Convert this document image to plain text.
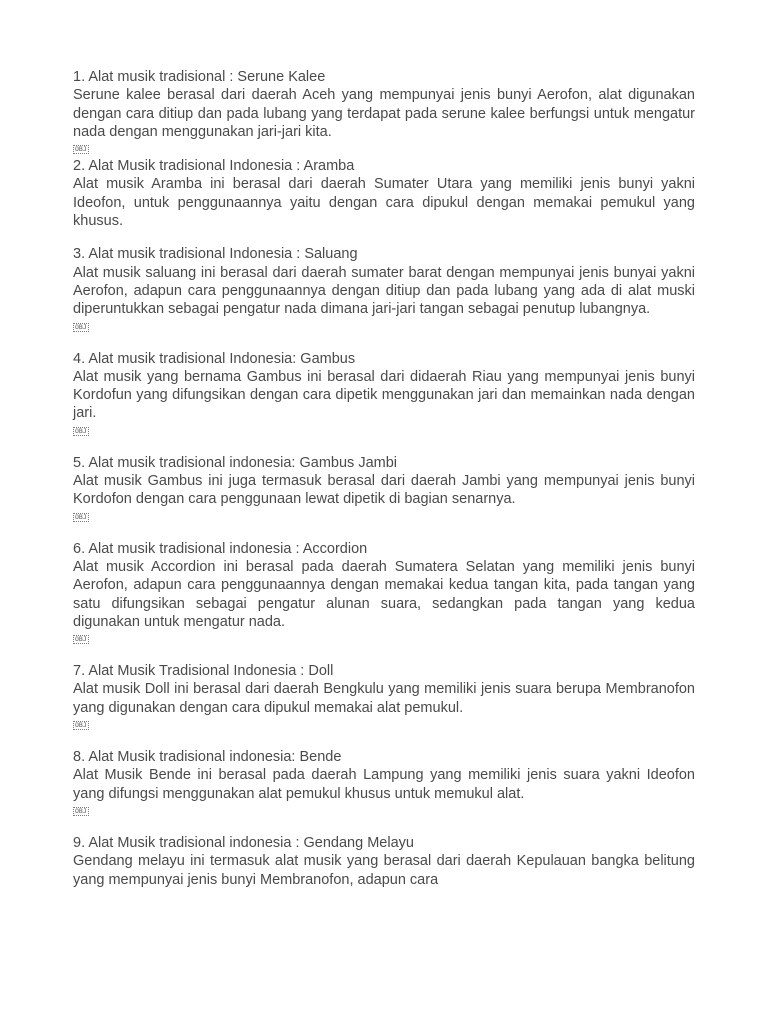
1. Alat musik tradisional : Serune Kalee
Serune kalee berasal dari daerah Aceh yang mempunyai jenis bunyi Aerofon, alat digunakan dengan cara ditiup dan pada lubang yang terdapat pada serune kalee berfungsi untuk mengatur nada dengan menggunakan jari-jari kita.
OBJ
2. Alat Musik tradisional Indonesia : Aramba
Alat musik Aramba ini berasal dari daerah Sumater Utara yang memiliki jenis bunyi yakni Ideofon, untuk penggunaannya yaitu dengan cara dipukul dengan memakai pemukul yang khusus.
3. Alat musik tradisional Indonesia : Saluang
Alat musik saluang ini berasal dari daerah sumater barat dengan mempunyai jenis bunyai yakni Aerofon, adapun cara penggunaannya dengan ditiup dan pada lubang yang ada di alat muski diperuntukkan sebagai pengatur nada dimana jari-jari tangan sebagai penutup lubangnya.
OBJ
4. Alat musik tradisional Indonesia: Gambus
Alat musik yang bernama Gambus ini berasal dari didaerah Riau yang mempunyai jenis bunyi Kordofun yang difungsikan dengan cara dipetik menggunakan jari dan memainkan nada dengan jari.
OBJ
5. Alat musik tradisional indonesia: Gambus Jambi
Alat musik Gambus ini juga termasuk berasal dari daerah Jambi yang mempunyai jenis bunyi Kordofon dengan cara penggunaan lewat dipetik di bagian senarnya.
OBJ
6. Alat musik tradisional indonesia : Accordion
Alat musik Accordion ini berasal pada daerah Sumatera Selatan yang memiliki jenis bunyi Aerofon, adapun cara penggunaannya dengan memakai kedua tangan kita, pada tangan yang satu difungsikan sebagai pengatur alunan suara, sedangkan pada tangan yang kedua digunakan untuk mengatur nada.
OBJ
7. Alat Musik Tradisional Indonesia : Doll
Alat musik Doll ini berasal dari daerah Bengkulu yang memiliki jenis suara berupa Membranofon yang digunakan dengan cara dipukul memakai alat pemukul.
OBJ
8. Alat Musik tradisional indonesia: Bende
Alat Musik Bende ini berasal pada daerah Lampung yang memiliki jenis suara yakni Ideofon yang difungsi menggunakan alat pemukul khusus untuk memukul alat.
OBJ
9. Alat Musik tradisional indonesia : Gendang Melayu
Gendang melayu ini termasuk alat musik yang berasal dari daerah Kepulauan bangka belitung yang mempunyai jenis bunyi Membranofon, adapun cara
